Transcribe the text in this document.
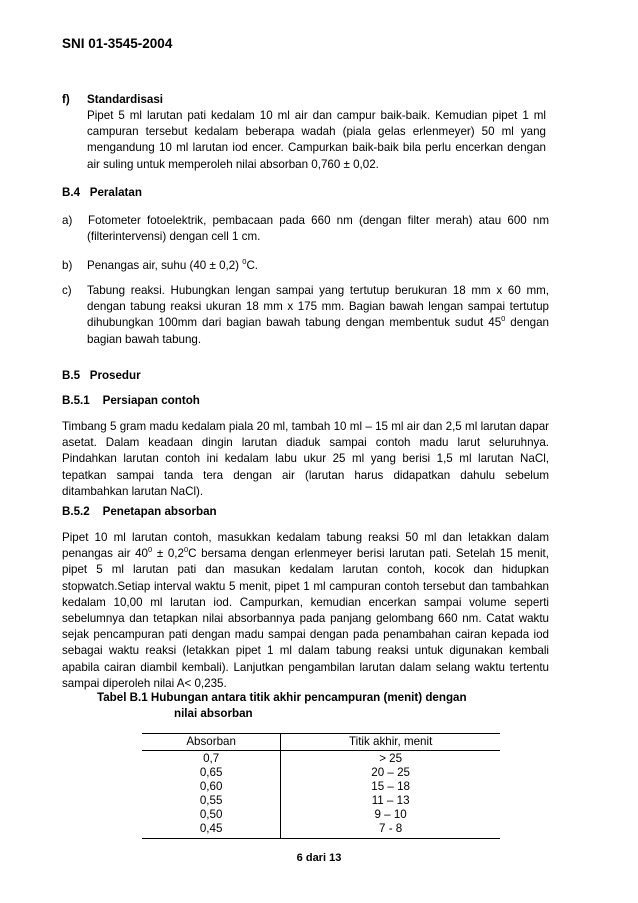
SNI 01-3545-2004
f) Standardisasi
Pipet 5 ml larutan pati kedalam 10 ml air dan campur baik-baik. Kemudian pipet 1 ml campuran tersebut kedalam beberapa wadah (piala gelas erlenmeyer) 50 ml yang mengandung 10 ml larutan iod encer. Campurkan baik-baik bila perlu encerkan dengan air suling untuk memperoleh nilai absorban 0,760 ± 0,02.
B.4   Peralatan
a) Fotometer fotoelektrik, pembacaan pada 660 nm (dengan filter merah) atau 600 nm (filterintervensi) dengan cell 1 cm.
b) Penangas air, suhu (40 ± 0,2) $^0$C.
c) Tabung reaksi. Hubungkan lengan sampai yang tertutup berukuran 18 mm x 60 mm, dengan tabung reaksi ukuran 18 mm x 175 mm. Bagian bawah lengan sampai tertutup dihubungkan 100mm dari bagian bawah tabung dengan membentuk sudut $45^0$ dengan bagian bawah tabung.
B.5   Prosedur
B.5.1    Persiapan contoh
Timbang 5 gram madu kedalam piala 20 ml, tambah 10 ml – 15 ml air dan 2,5 ml larutan dapar asetat. Dalam keadaan dingin larutan diaduk sampai contoh madu larut seluruhnya. Pindahkan larutan contoh ini kedalam labu ukur 25 ml yang berisi 1,5 ml larutan NaCl, tepatkan sampai tanda tera dengan air (larutan harus didapatkan dahulu sebelum ditambahkan larutan NaCl).
B.5.2    Penetapan absorban
Pipet 10 ml larutan contoh, masukkan kedalam tabung reaksi 50 ml dan letakkan dalam penangas air $40^0 \pm 0,2^0C$ bersama dengan erlenmeyer berisi larutan pati. Setelah 15 menit, pipet 5 ml larutan pati dan masukan kedalam larutan contoh, kocok dan hidupkan stopwatch.Setiap interval waktu 5 menit, pipet 1 ml campuran contoh tersebut dan tambahkan kedalam 10,00 ml larutan iod. Campurkan, kemudian encerkan sampai volume seperti sebelumnya dan tetapkan nilai absorbannya pada panjang gelombang 660 nm. Catat waktu sejak pencampuran pati dengan madu sampai dengan pada penambahan cairan kepada iod sebagai waktu reaksi (letakkan pipet 1 ml dalam tabung reaksi untuk digunakan kembali apabila cairan diambil kembali). Lanjutkan pengambilan larutan dalam selang waktu tertentu sampai diperoleh nilai A< 0,235.
Tabel B.1 Hubungan antara titik akhir pencampuran (menit) dengan
nilai absorban
Absorban	Titik akhir, menit
0,7	> 25
0,65	20 – 25
0,60	15 – 18
0,55	11 – 13
0,50	9 – 10
0,45	7 - 8
6 dari 13
